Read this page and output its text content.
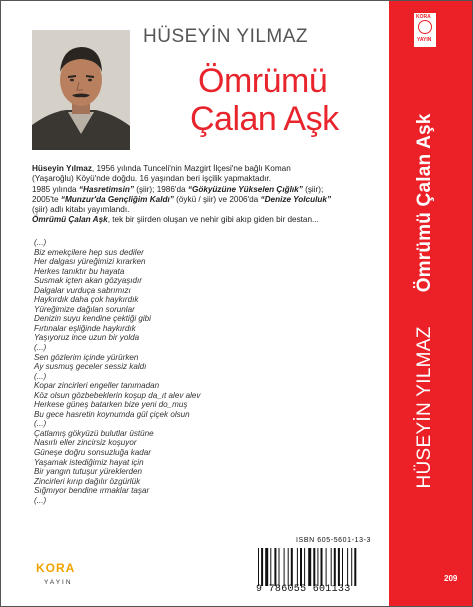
HÜSEYİN YILMAZ
Ömrümü
Çalan Aşk

Hüseyin Yılmaz, 1956 yılında Tunceli'nin Mazgirt İlçesi'ne bağlı Koman (Yaşaroğlu) Köyü'nde doğdu. 16 yaşından beri işçilik yapmaktadır.

1985 yılında “Hasretimsin” (şiir); 1986'da “Gökyüzüne Yükselen Çığlık” (şiir); 2005'te “Munzur'da Gençliğim Kaldı” (öykü / şiir) ve 2006'da “Denize Yolculuk” (şiir) adlı kitabı yayımlandı.

Ömrümü Çalan Aşk, tek bir şiirden oluşan ve nehir gibi akıp giden bir destan...

(...)
Biz emekçilere hep sus dediler
Her dalgası yüreğimizi kırarken
Herkes tanıktır bu hayata
Susmak içten akan gözyaşıdır
Dalgalar vurduça sabrımızı
Haykırdık daha çok haykırdık
Yüreğimize dağılan sorunlar
Denizin suyu kendine çektiği gibi
Fırtınalar eşliğinde haykırdık
Yaşıyoruz ince uzun bir yolda
(...)
Sen gözlerim içinde yürürken
Ay susmuş geceler sessiz kaldı
(...)
Kopar zincirleri engeller tanımadan
Köz olsun gözbebeklerin koşup da_ıt alev alev
Herkese güneş batarken bize yeni do_muş
Bu gece hasretin koynumda gül çiçek olsun
(...)
Çatlamış gökyüzü bulutlar üstüne
Nasırlı eller zincirsiz koşuyor
Güneşe doğru sonsuzluğa kadar
Yaşamak istediğimiz hayat için
Bir yangın tutuşur yüreklerden
Zincirleri kırıp dağılır özgürlük
Sığmıyor bendine ırmaklar taşar
(...)
KORA
YAYIN
ISBN 605-5601-13-3
9 786055 601133
KORA
YAYIN
HÜSEYİN YILMAZÖmrümü Çalan Aşk
209
